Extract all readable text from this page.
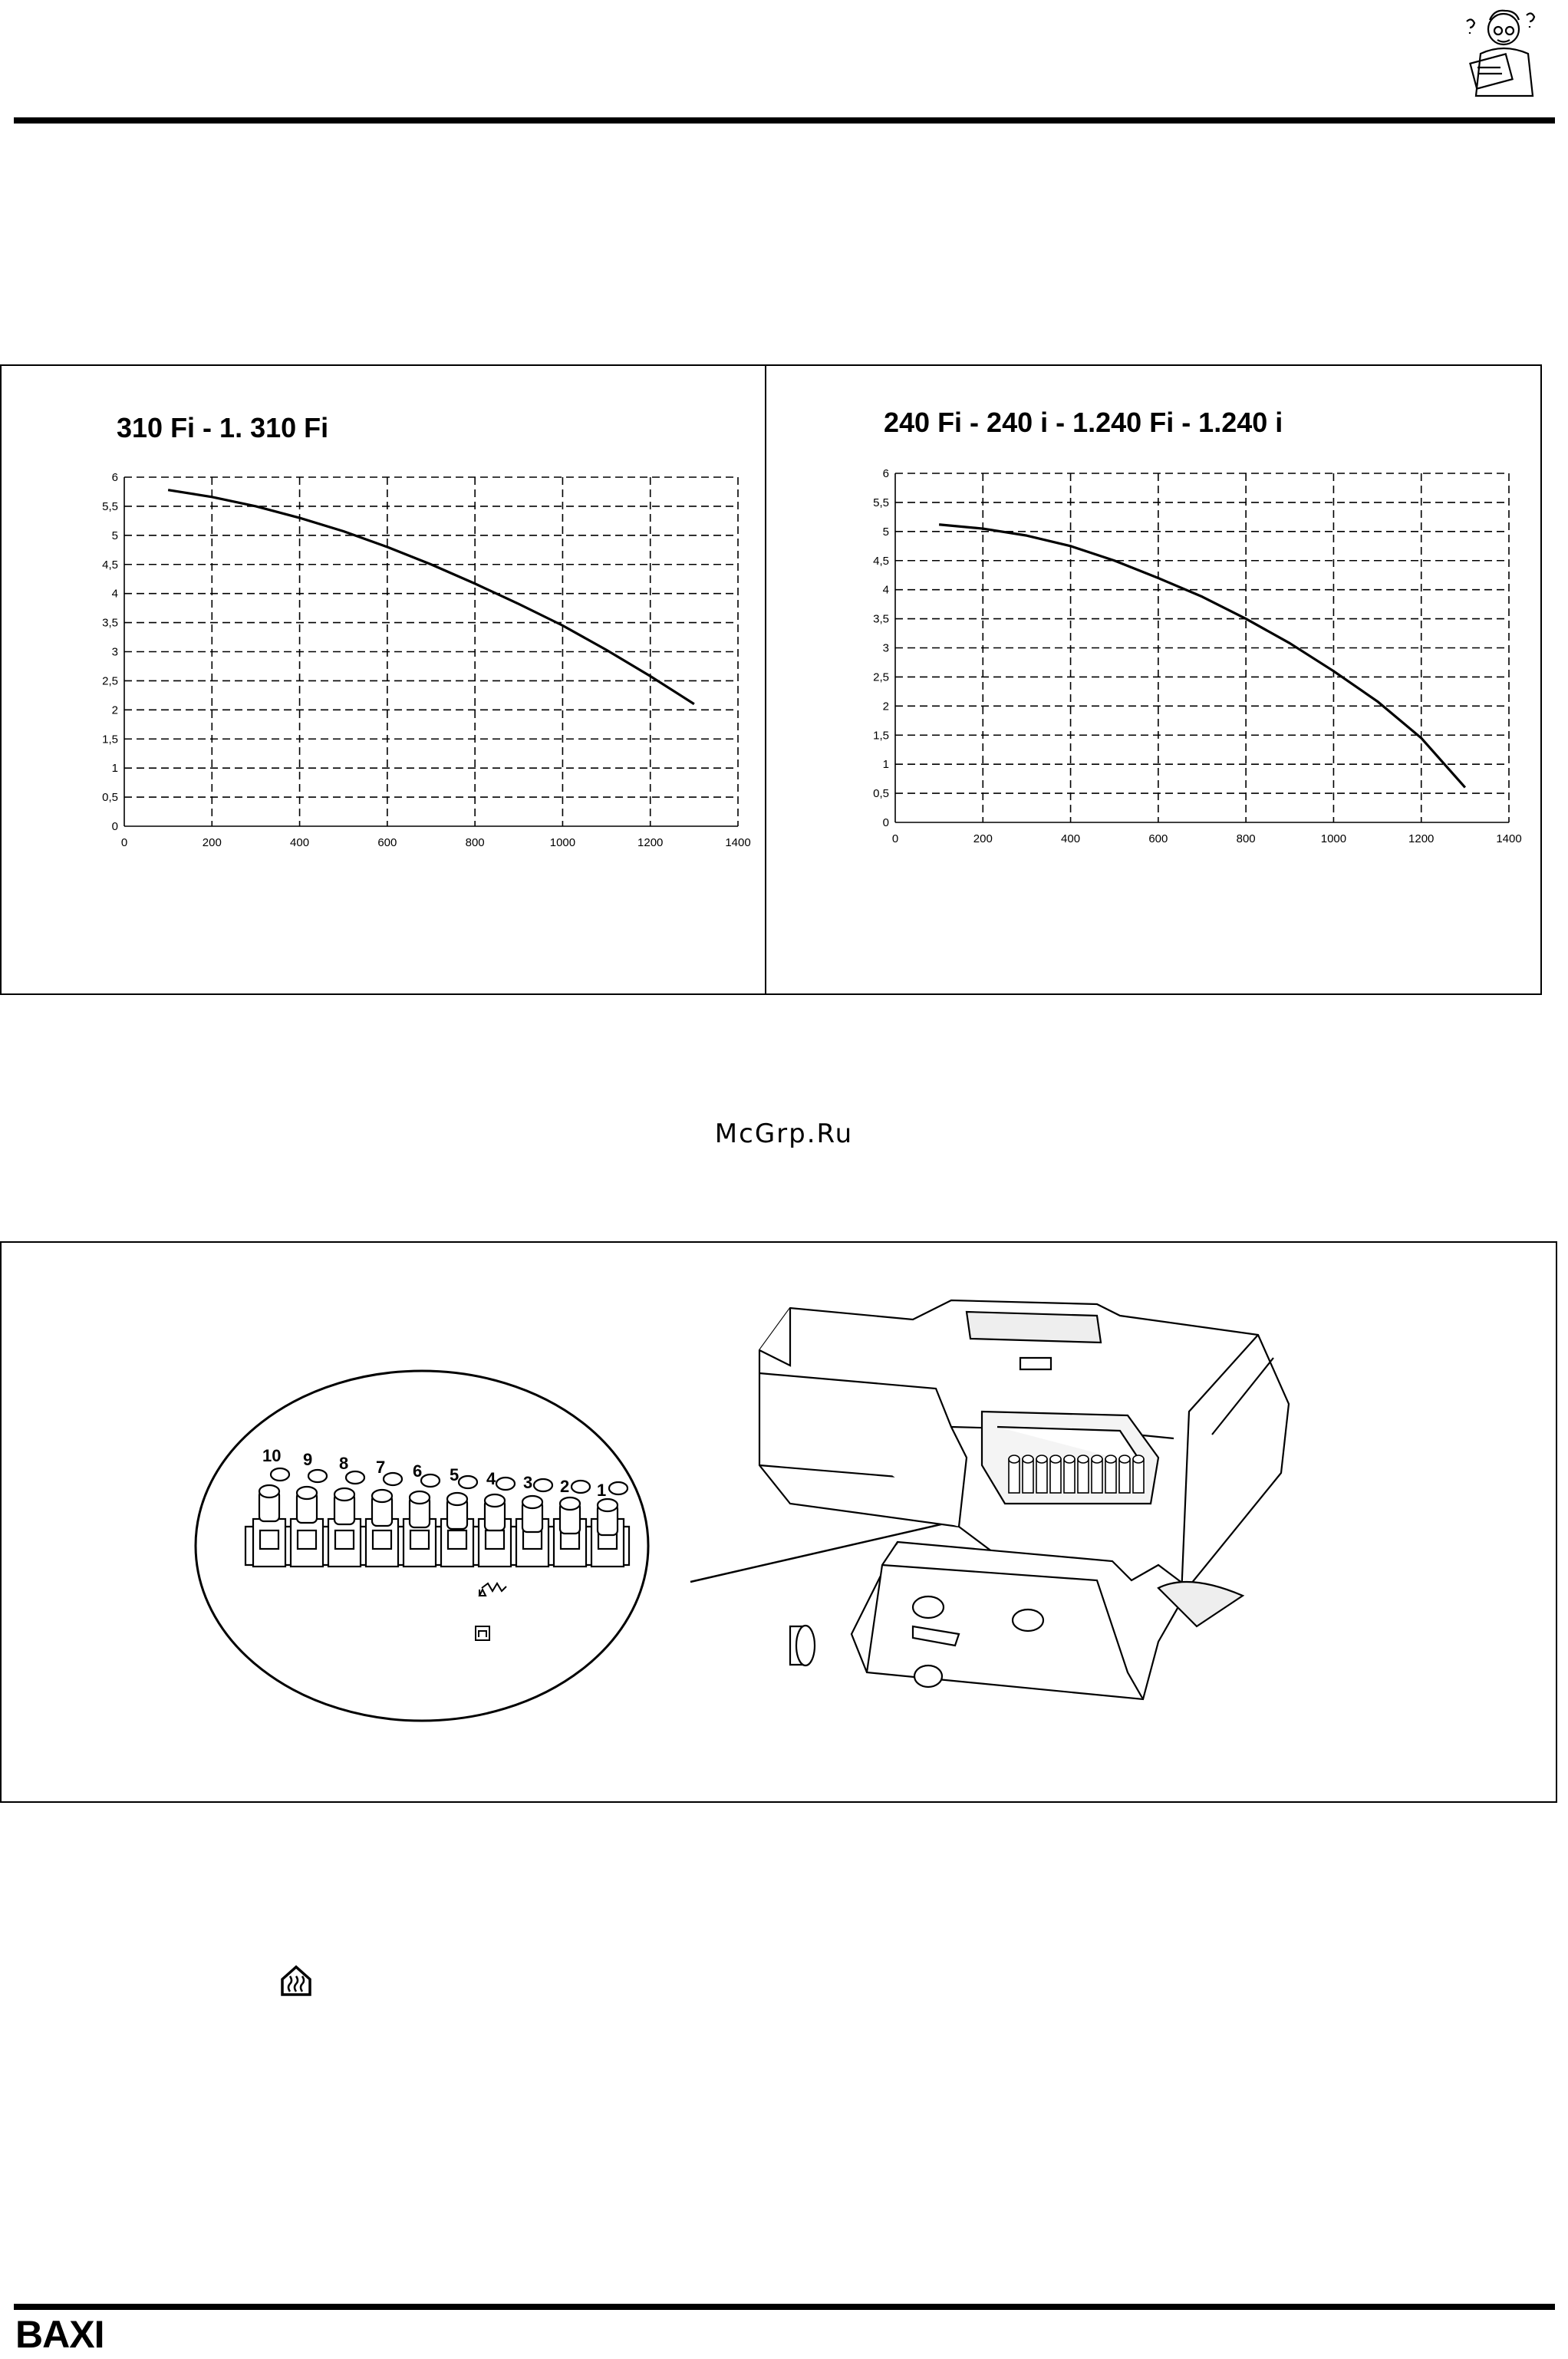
310 Fi - 1. 310 Fi	240 Fi - 240 i - 1.240 Fi - 1.240 i
0
0,5
1
1,5
2
2,5
3
3,5
4
4,5
5
5,5
6
0	200	400	600	800	1000	1200	1400
0
0,5
1
1,5
2
2,5
3
3,5
4
4,5
5
5,5
6
0	200	400	600	800	1000	1200	1400
McGrp.Ru
10 9 8 7 6 5 4 3 2 1
BAXI
